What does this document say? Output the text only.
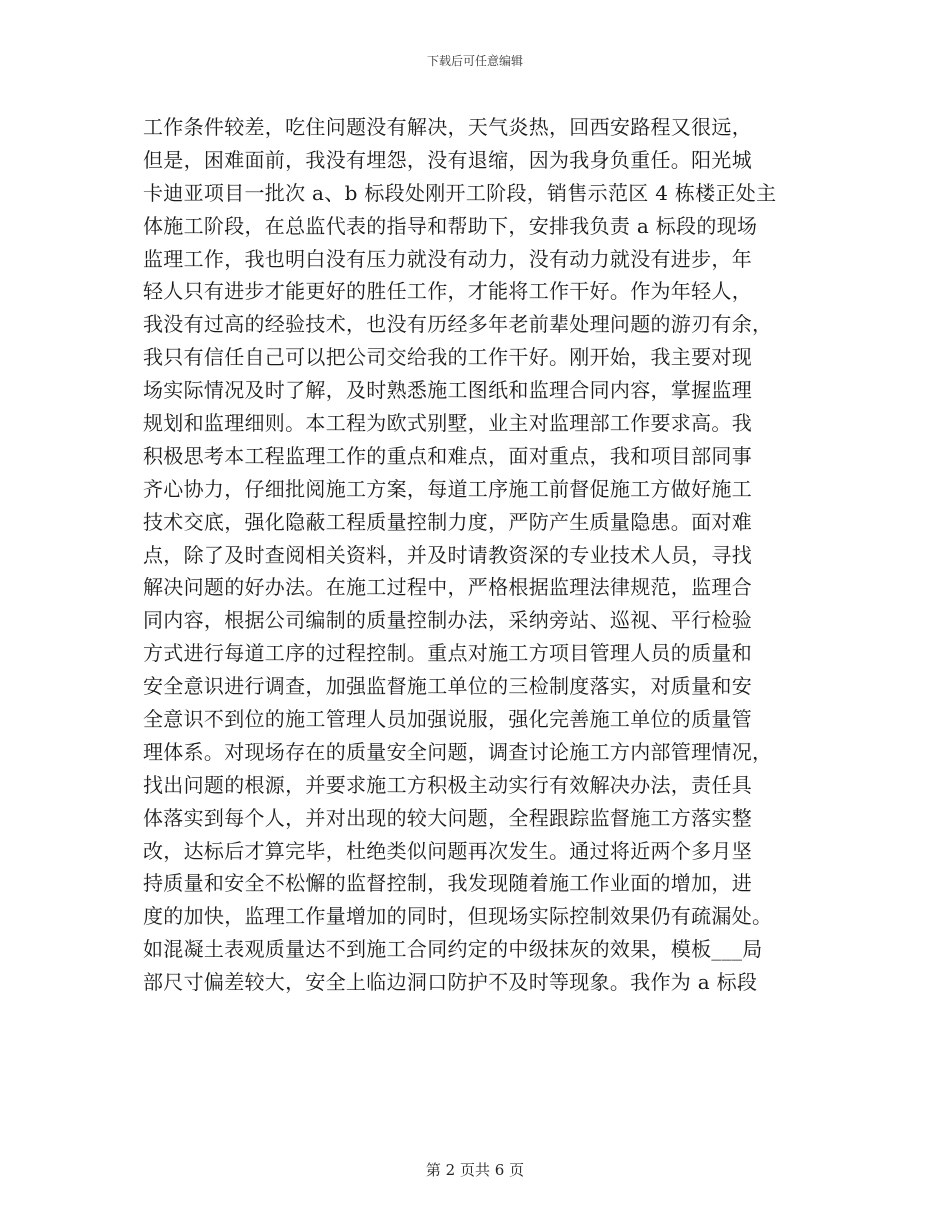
下载后可任意编辑
工作条件较差，吃住问题没有解决，天气炎热，回西安路程又很远，
但是，困难面前，我没有埋怨，没有退缩，因为我身负重任。阳光城
卡迪亚项目一批次 a、b 标段处刚开工阶段，销售示范区 4 栋楼正处主
体施工阶段，在总监代表的指导和帮助下，安排我负责 a 标段的现场
监理工作，我也明白没有压力就没有动力，没有动力就没有进步，年
轻人只有进步才能更好的胜任工作，才能将工作干好。作为年轻人，
我没有过高的经验技术，也没有历经多年老前辈处理问题的游刃有余，
我只有信任自己可以把公司交给我的工作干好。刚开始，我主要对现
场实际情况及时了解，及时熟悉施工图纸和监理合同内容，掌握监理
规划和监理细则。本工程为欧式别墅，业主对监理部工作要求高。我
积极思考本工程监理工作的重点和难点，面对重点，我和项目部同事
齐心协力，仔细批阅施工方案，每道工序施工前督促施工方做好施工
技术交底，强化隐蔽工程质量控制力度，严防产生质量隐患。面对难
点，除了及时查阅相关资料，并及时请教资深的专业技术人员，寻找
解决问题的好办法。在施工过程中，严格根据监理法律规范，监理合
同内容，根据公司编制的质量控制办法，采纳旁站、巡视、平行检验
方式进行每道工序的过程控制。重点对施工方项目管理人员的质量和
安全意识进行调查，加强监督施工单位的三检制度落实，对质量和安
全意识不到位的施工管理人员加强说服，强化完善施工单位的质量管
理体系。对现场存在的质量安全问题，调查讨论施工方内部管理情况，
找出问题的根源，并要求施工方积极主动实行有效解决办法，责任具
体落实到每个人，并对出现的较大问题，全程跟踪监督施工方落实整
改，达标后才算完毕，杜绝类似问题再次发生。通过将近两个多月坚
持质量和安全不松懈的监督控制，我发现随着施工作业面的增加，进
度的加快，监理工作量增加的同时，但现场实际控制效果仍有疏漏处。
如混凝土表观质量达不到施工合同约定的中级抹灰的效果，模板___局
部尺寸偏差较大，安全上临边洞口防护不及时等现象。我作为 a 标段
第 2 页共 6 页
